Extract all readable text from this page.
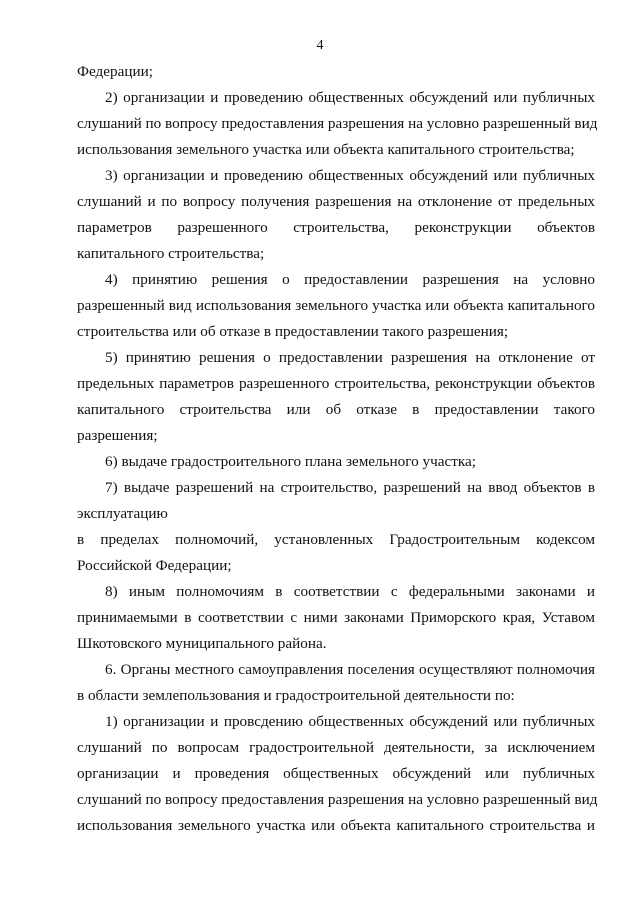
4
Федерации;
2) организации и проведению общественных обсуждений или публичных
слушаний по вопросу предоставления разрешения на условно разрешенный вид
использования земельного участка или объекта капитального строительства;
3) организации и проведению общественных обсуждений или публичных
слушаний и по вопросу получения разрешения на отклонение от предельных
параметров разрешенного строительства, реконструкции объектов
капитального строительства;
4) принятию решения о предоставлении разрешения на условно
разрешенный вид использования земельного участка или объекта капитального
строительства или об отказе в предоставлении такого разрешения;
5) принятию решения о предоставлении разрешения на отклонение от
предельных параметров разрешенного строительства, реконструкции объектов
капитального строительства или об отказе в предоставлении такого
разрешения;
6) выдаче градостроительного плана земельного участка;
7) выдаче разрешений на строительство, разрешений на ввод объектов в
эксплуатацию
в пределах полномочий, установленных Градостроительным кодексом
Российской Федерации;
8) иным полномочиям в соответствии с федеральными законами и
принимаемыми в соответствии с ними законами Приморского края, Уставом
Шкотовского муниципального района.
6. Органы местного самоуправления поселения осуществляют полномочия
в области землепользования и градостроительной деятельности по:
1) организации и провсдению общественных обсуждений или публичных
слушаний по вопросам градостроительной деятельности, за исключением
организации и проведения общественных обсуждений или публичных
слушаний по вопросу предоставления разрешения на условно разрешенный вид
использования земельного участка или объекта капитального строительства и
